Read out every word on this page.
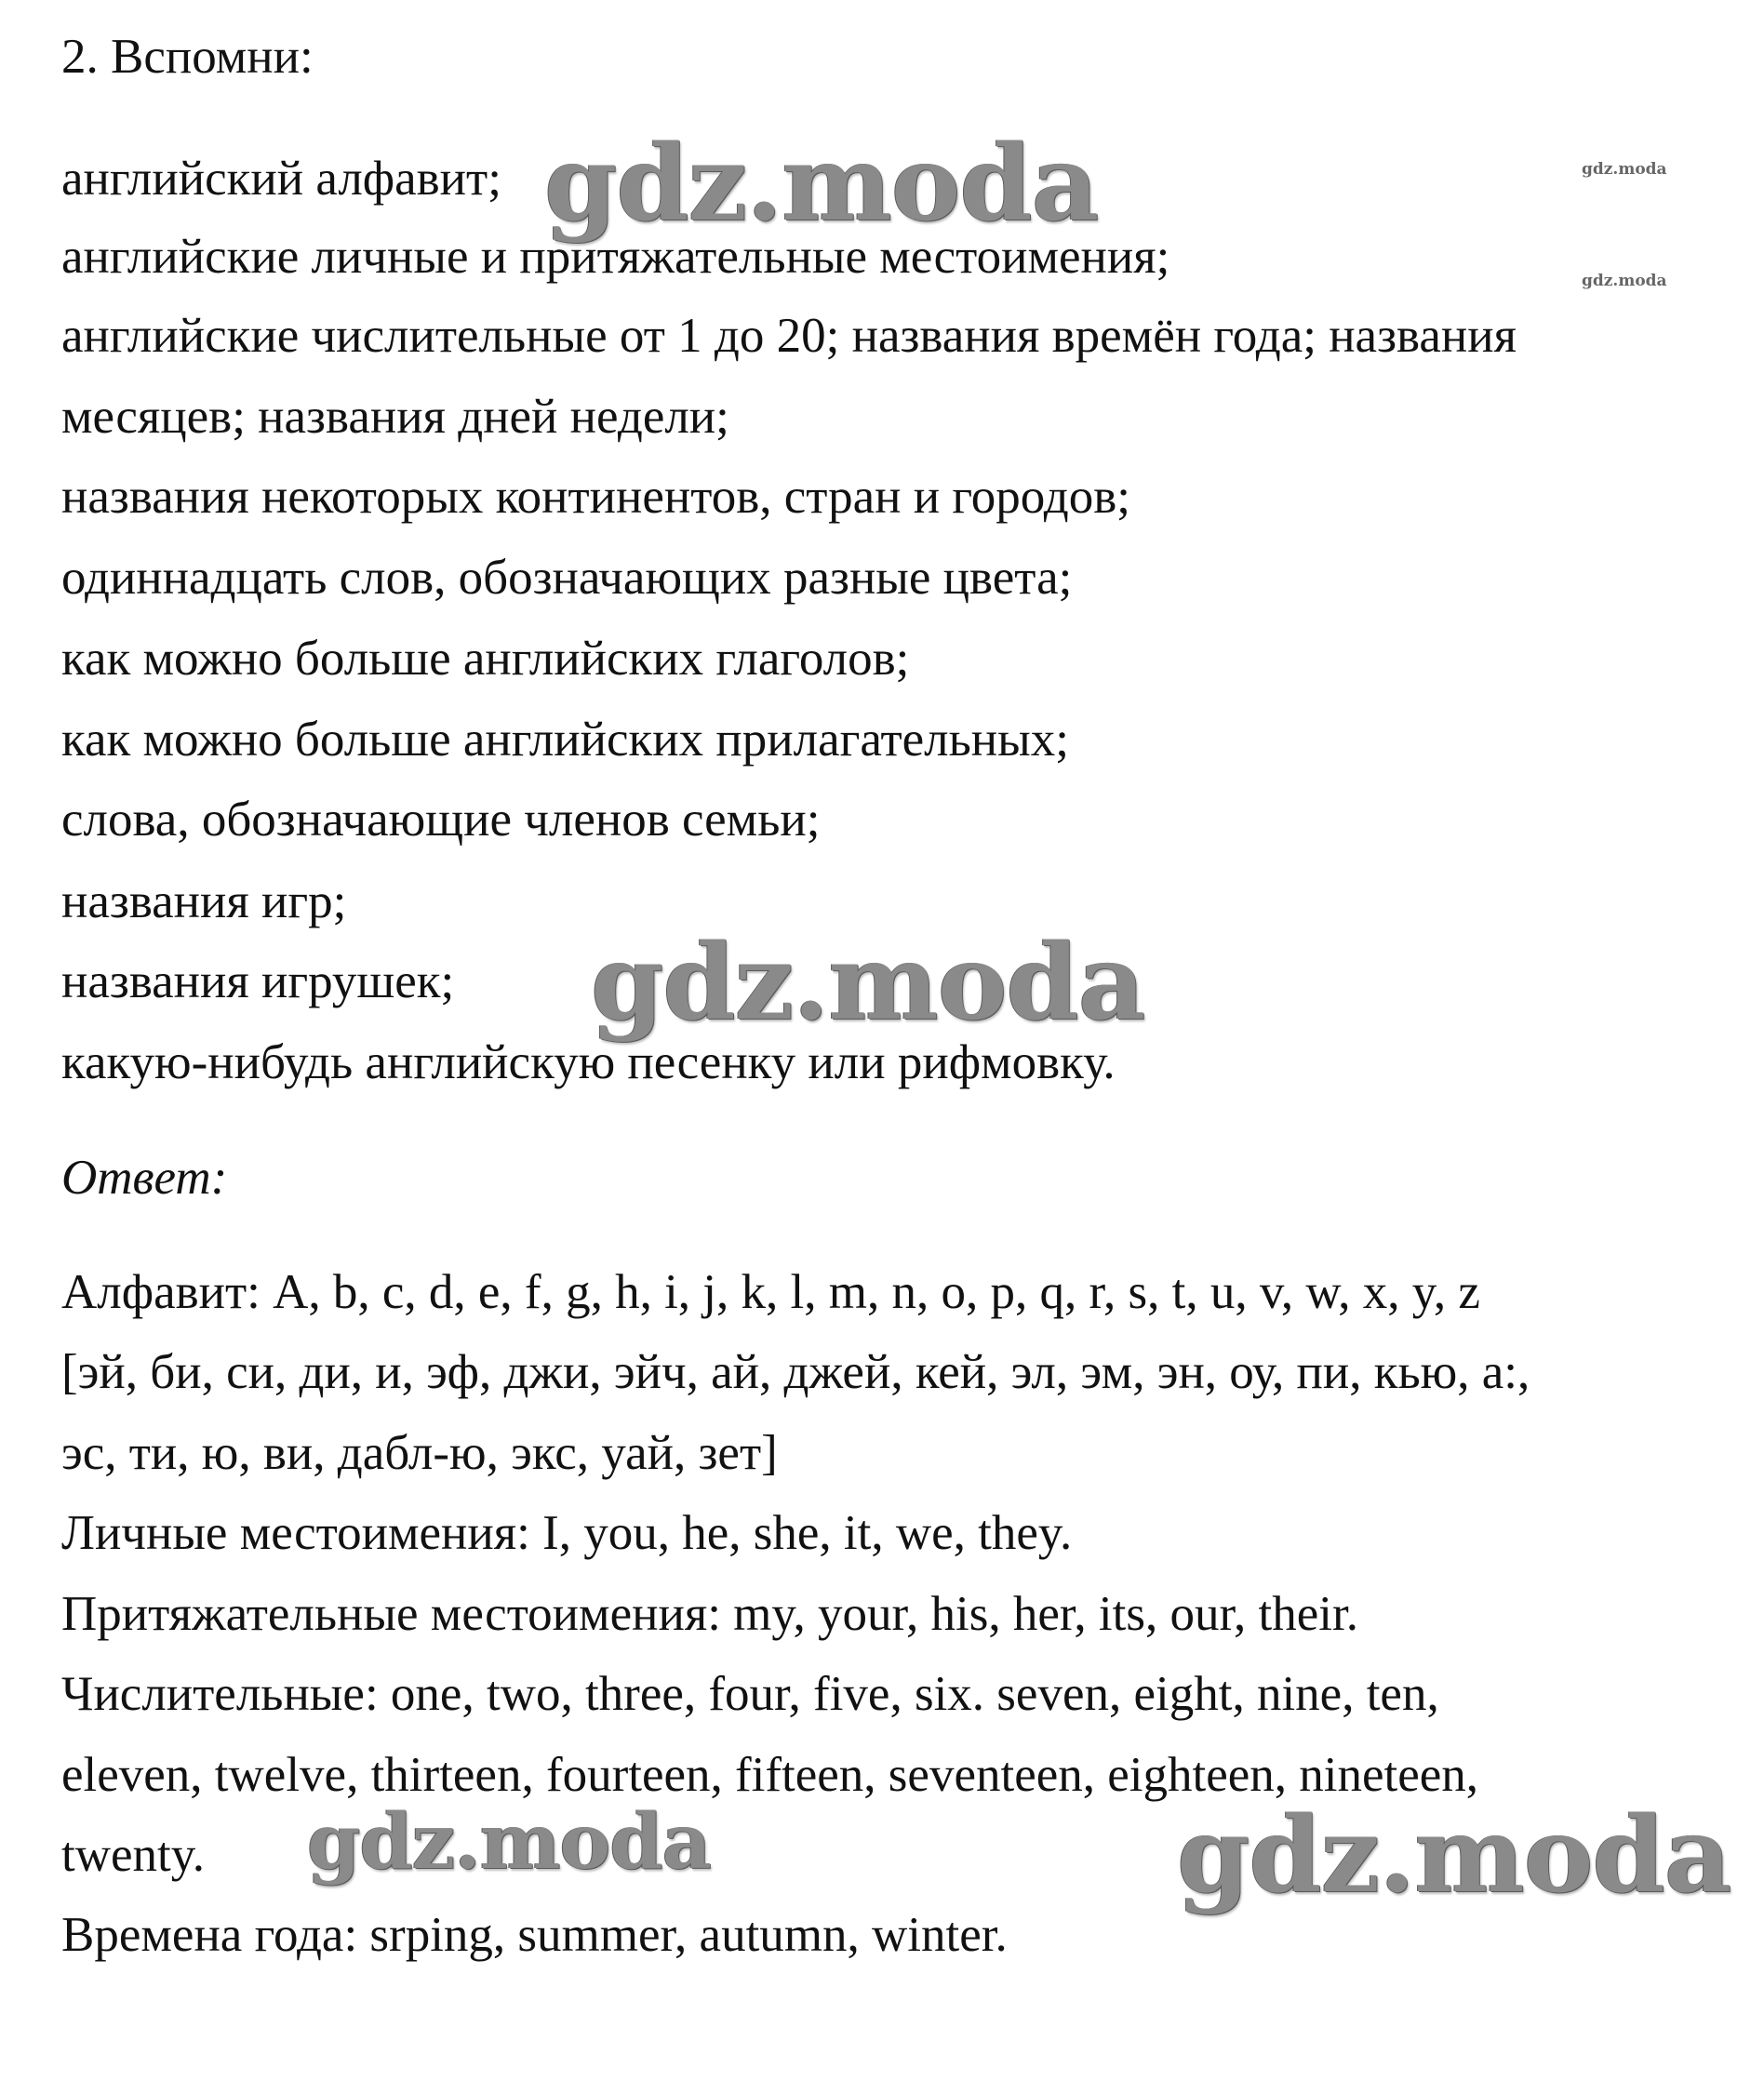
2. Вспомни:
английский алфавит;
английские личные и притяжательные местоимения;
английские числительные от 1 до 20; названия времён года; названия
месяцев; названия дней недели;
названия некоторых континентов, стран и городов;
одиннадцать слов, обозначающих разные цвета;
как можно больше английских глаголов;
как можно больше английских прилагательных;
слова, обозначающие членов семьи;
названия игр;
названия игрушек;
какую-нибудь английскую песенку или рифмовку.
Ответ:
Алфавит: A, b, c, d, e, f, g, h, i, j, k, l, m, n, o, p, q, r, s, t, u, v, w, x, y, z
[эй, би, си, ди, и, эф, джи, эйч, ай, джей, кей, эл, эм, эн, оу, пи, кью, а:,
эс, ти, ю, ви, дабл-ю, экс, уай, зет]
Личные местоимения: I, you, he, she, it, we, they.
Притяжательные местоимения: my, your, his, her, its, our, their.
Числительные: one, two, three, four, five, six. seven, eight, nine, ten,
eleven, twelve, thirteen, fourteen, fifteen, seventeen, eighteen, nineteen,
twenty.
Времена года: srping, summer, autumn, winter.
gdz.moda	gdz.moda
gdz.moda
gdz.moda
gdz.moda	gdz.moda
